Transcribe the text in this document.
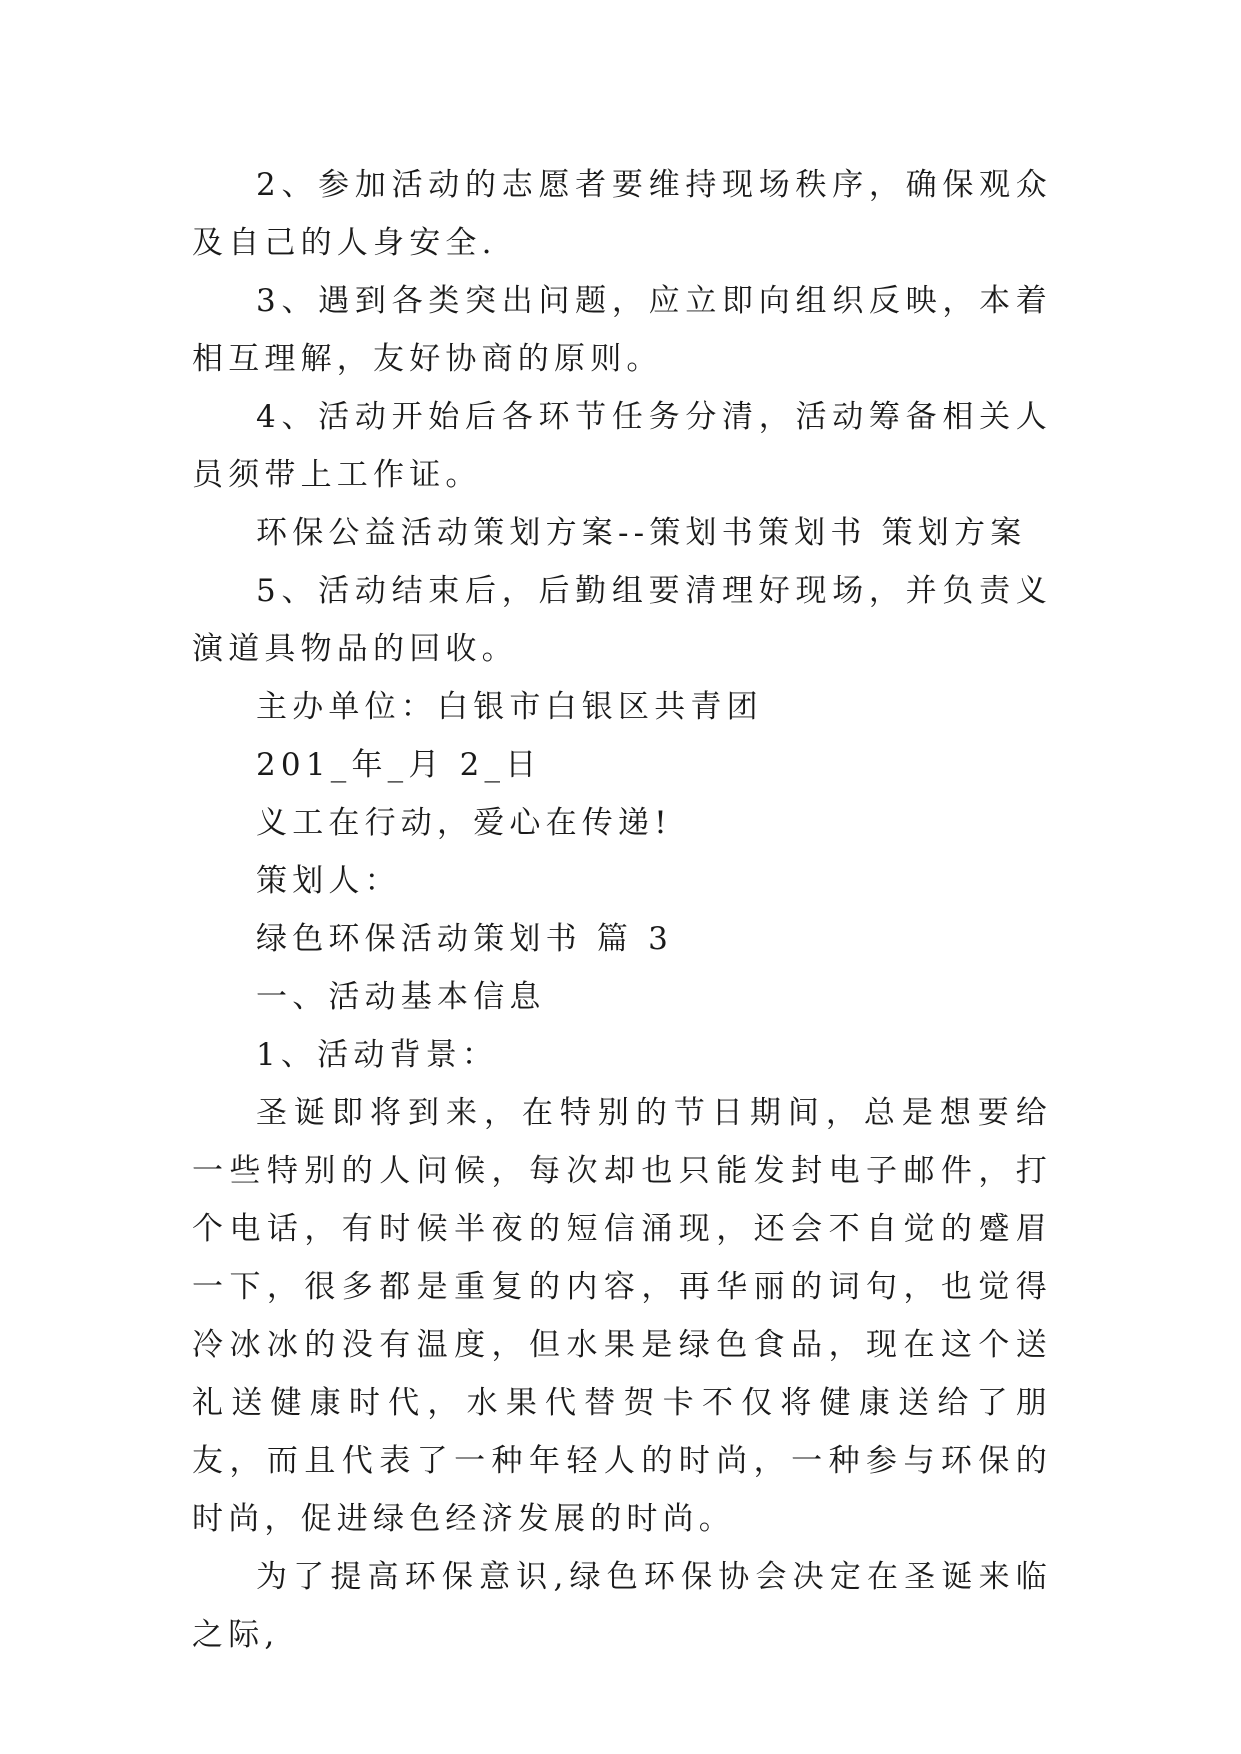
2、参加活动的志愿者要维持现场秩序，确保观众及自己的人身安全.

3、遇到各类突出问题，应立即向组织反映，本着相互理解，友好协商的原则。

4、活动开始后各环节任务分清，活动筹备相关人员须带上工作证。

环保公益活动策划方案--策划书策划书 策划方案

5、活动结束后，后勤组要清理好现场，并负责义演道具物品的回收。

主办单位：白银市白银区共青团

201_年_月 2_日

义工在行动，爱心在传递!

策划人：

绿色环保活动策划书 篇 3

一、活动基本信息

1、活动背景：

圣诞即将到来，在特别的节日期间，总是想要给一些特别的人问候，每次却也只能发封电子邮件，打个电话，有时候半夜的短信涌现，还会不自觉的蹙眉一下，很多都是重复的内容，再华丽的词句，也觉得冷冰冰的没有温度，但水果是绿色食品，现在这个送礼送健康时代，水果代替贺卡不仅将健康送给了朋友，而且代表了一种年轻人的时尚，一种参与环保的时尚，促进绿色经济发展的时尚。

为了提高环保意识,绿色环保协会决定在圣诞来临之际,
